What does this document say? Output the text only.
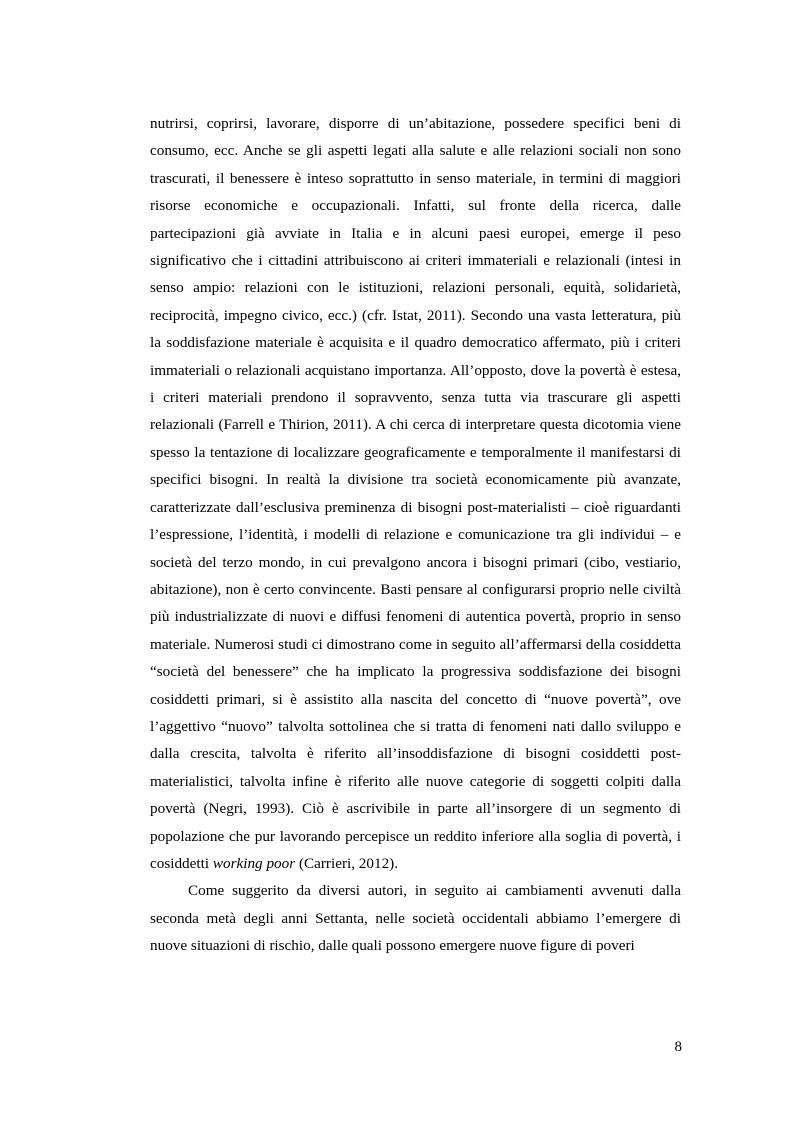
nutrirsi, coprirsi, lavorare, disporre di un’abitazione, possedere specifici beni di consumo, ecc. Anche se gli aspetti legati alla salute e alle relazioni sociali non sono trascurati, il benessere è inteso soprattutto in senso materiale, in termini di maggiori risorse economiche e occupazionali. Infatti, sul fronte della ricerca, dalle partecipazioni già avviate in Italia e in alcuni paesi europei, emerge il peso significativo che i cittadini attribuiscono ai criteri immateriali e relazionali (intesi in senso ampio: relazioni con le istituzioni, relazioni personali, equità, solidarietà, reciprocità, impegno civico, ecc.) (cfr. Istat, 2011). Secondo una vasta letteratura, più la soddisfazione materiale è acquisita e il quadro democratico affermato, più i criteri immateriali o relazionali acquistano importanza. All’opposto, dove la povertà è estesa, i criteri materiali prendono il sopravvento, senza tutta via trascurare gli aspetti relazionali (Farrell e Thirion, 2011). A chi cerca di interpretare questa dicotomia viene spesso la tentazione di localizzare geograficamente e temporalmente il manifestarsi di specifici bisogni. In realtà la divisione tra società economicamente più avanzate, caratterizzate dall’esclusiva preminenza di bisogni post-materialisti – cioè riguardanti l’espressione, l’identità, i modelli di relazione e comunicazione tra gli individui – e società del terzo mondo, in cui prevalgono ancora i bisogni primari (cibo, vestiario, abitazione), non è certo convincente. Basti pensare al configurarsi proprio nelle civiltà più industrializzate di nuovi e diffusi fenomeni di autentica povertà, proprio in senso materiale. Numerosi studi ci dimostrano come in seguito all’affermarsi della cosiddetta “società del benessere” che ha implicato la progressiva soddisfazione dei bisogni cosiddetti primari, si è assistito alla nascita del concetto di “nuove povertà”, ove l’aggettivo “nuovo” talvolta sottolinea che si tratta di fenomeni nati dallo sviluppo e dalla crescita, talvolta è riferito all’insoddisfazione di bisogni cosiddetti post-materialistici, talvolta infine è riferito alle nuove categorie di soggetti colpiti dalla povertà (Negri, 1993). Ciò è ascrivibile in parte all’insorgere di un segmento di popolazione che pur lavorando percepisce un reddito inferiore alla soglia di povertà, i cosiddetti working poor (Carrieri, 2012).

Come suggerito da diversi autori, in seguito ai cambiamenti avvenuti dalla seconda metà degli anni Settanta, nelle società occidentali abbiamo l’emergere di nuove situazioni di rischio, dalle quali possono emergere nuove figure di poveri

8
